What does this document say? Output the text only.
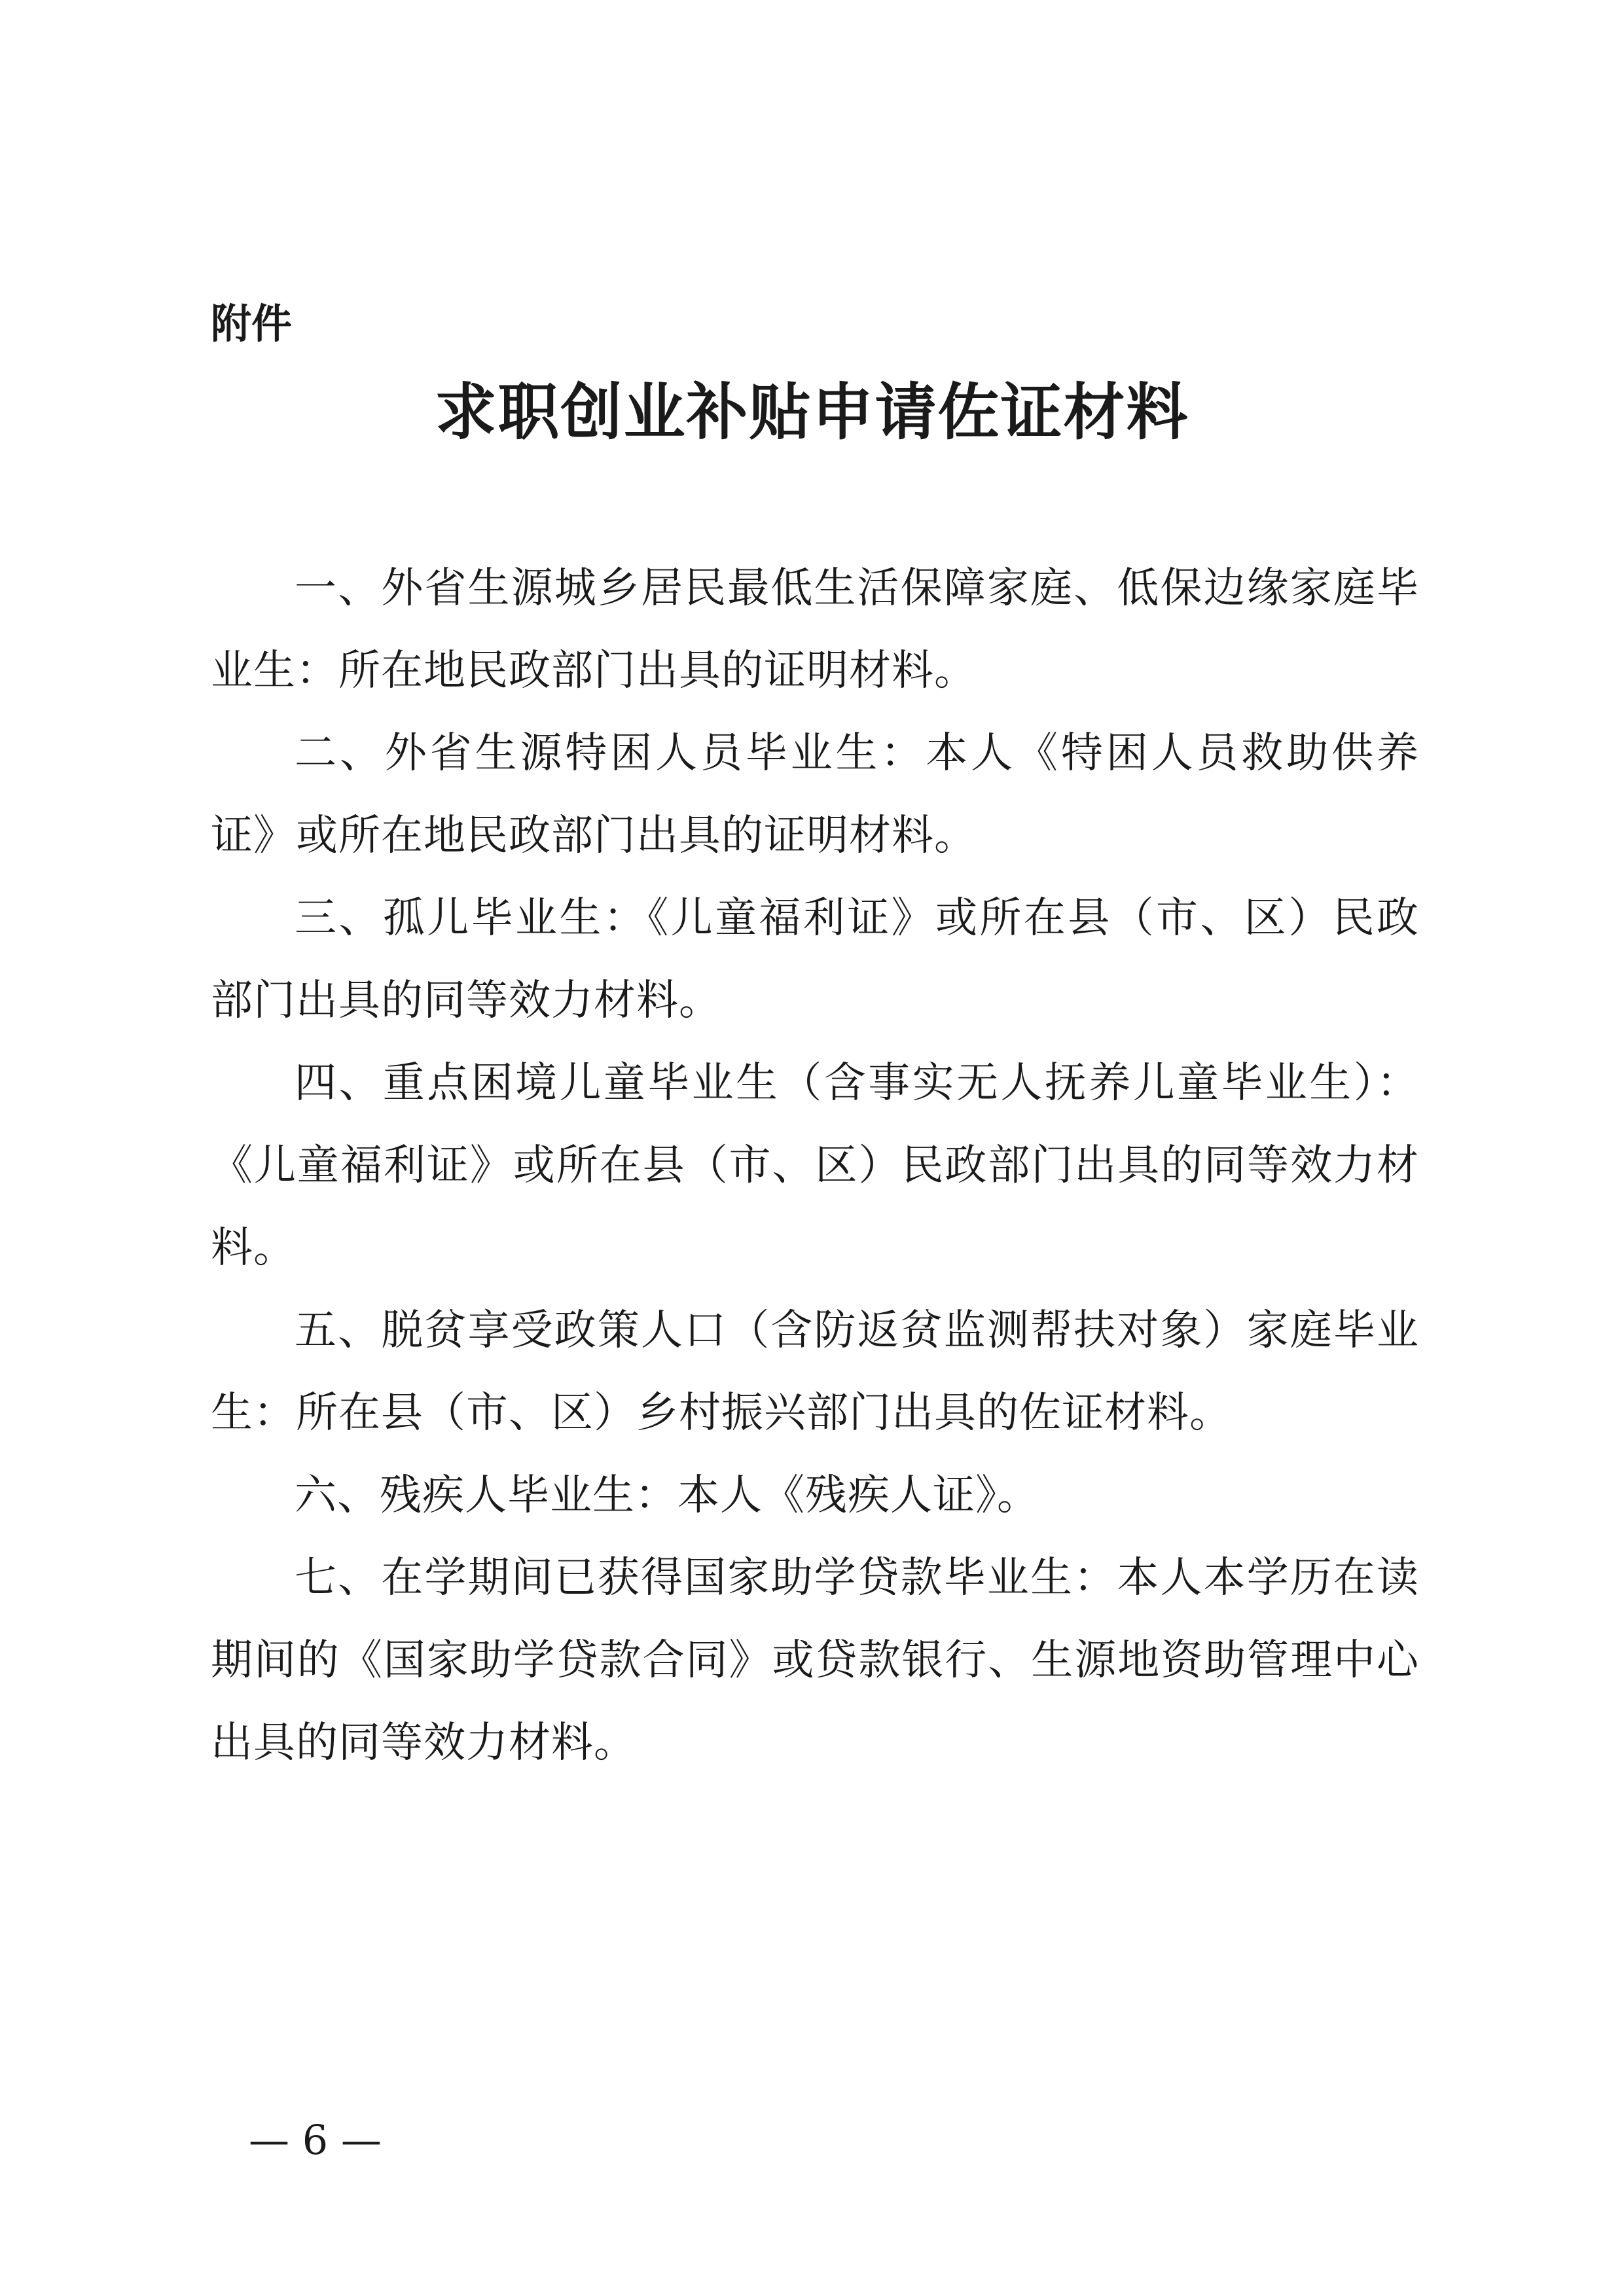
附件
求职创业补贴申请佐证材料

一、外省生源城乡居民最低生活保障家庭、低保边缘家庭毕业生：所在地民政部门出具的证明材料。

二、外省生源特困人员毕业生：本人《特困人员救助供养证》或所在地民政部门出具的证明材料。

三、孤儿毕业生：《儿童福利证》或所在县（市、区）民政部门出具的同等效力材料。

四、重点困境儿童毕业生（含事实无人抚养儿童毕业生）：《儿童福利证》或所在县（市、区）民政部门出具的同等效力材料。

五、脱贫享受政策人口（含防返贫监测帮扶对象）家庭毕业生：所在县（市、区）乡村振兴部门出具的佐证材料。

六、残疾人毕业生：本人《残疾人证》。

七、在学期间已获得国家助学贷款毕业生：本人本学历在读期间的《国家助学贷款合同》或贷款银行、生源地资助管理中心出具的同等效力材料。

— 6 —
